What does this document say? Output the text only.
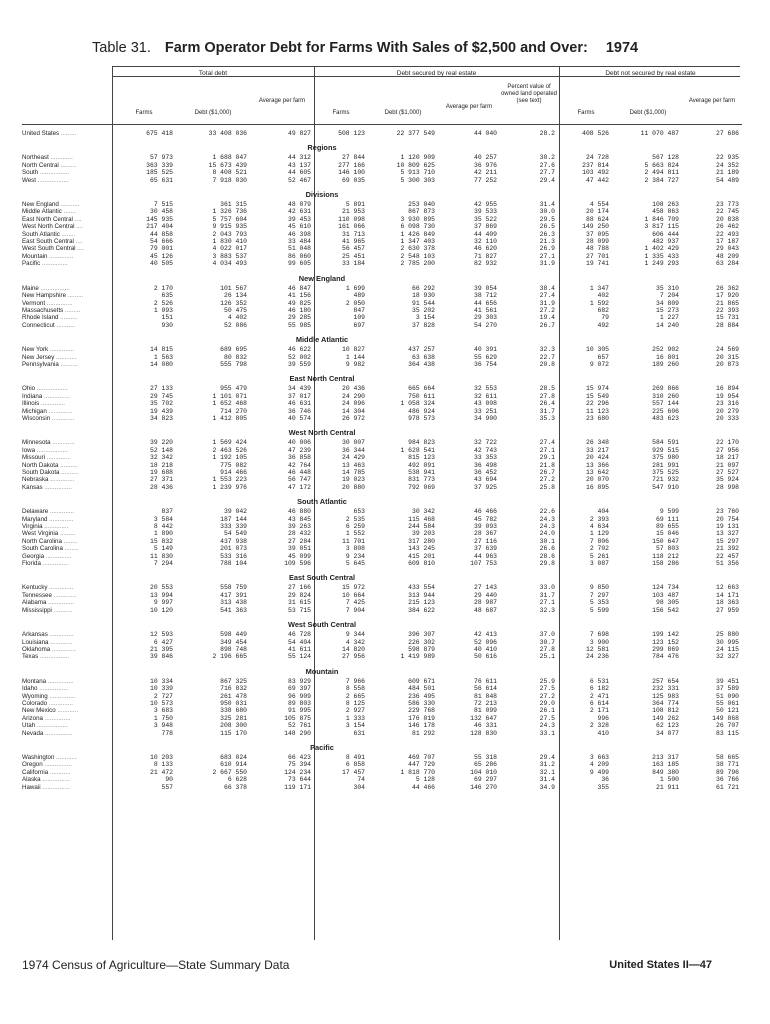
Table 31. Farm Operator Debt for Farms With Sales of $2,500 and Over: 1974
Total debt	Debt secured by real estate	Debt not secured by real estate
Farms	Debt ($1,000)
Average per farm
Farms	Debt ($1,000)
Average per farm
Percent value of owned land operated (see text)
Farms	Debt ($1,000)
Average per farm
United States .........	675 418	33 408 036	49 827	508 123	22 377 549	44 040	28.2	408 526	11 070 487	27 686

Regions										
Northeast .............	57 973	1 688 047	44 312	27 844	1 120 909	40 257	30.2	24 728	567 128	22 935
North Central .........	363 339	15 673 439	43 137	277 166	10 809 625	36 976	27.6	237 814	5 663 824	24 352
South .................	185 525	8 408 521	44 605	146 100	5 913 710	42 211	27.7	103 492	2 494 811	21 189
West ..................	65 631	7 918 030	52 467	69 035	5 300 303	77 252	29.4	47 442	2 384 727	54 489

Divisions										
New England ...........	7 515	361 315	48 079	5 891	253 040	42 955	31.4	4 554	108 263	23 773
Middle Atlantic .......	30 458	1 326 736	42 631	21 953	867 873	39 533	30.0	20 174	458 863	22 745
East North Central ....	145 935	5 757 604	39 453	110 098	3 930 895	35 522	29.5	88 624	1 846 709	20 838
West North Central ....	217 404	9 915 935	45 610	161 066	6 098 730	37 869	26.5	149 250	3 817 115	26 462
South Atlantic ........	44 858	2 043 793	46 398	31 713	1 426 849	44 409	26.3	37 095	606 444	22 493
East South Central ....	54 666	1 830 410	33 484	41 965	1 347 403	32 110	21.3	28 099	482 937	17 187
West South Central ....	79 001	4 022 017	51 048	56 457	2 630 378	46 620	26.9	48 788	1 402 429	29 043
Mountain ..............	45 126	3 883 537	86 060	25 451	2 548 103	71 827	27.1	27 701	1 335 433	48 209
Pacific ...............	40 505	4 034 493	99 605	33 184	2 785 200	82 932	31.9	19 741	1 249 293	63 284

New England										
Maine .................	2 170	101 567	46 847	1 699	66 292	39 054	38.4	1 347	35 310	26 362
New Hampshire .........	635	26 134	41 156	489	18 930	38 712	27.4	402	7 204	17 920
Vermont ...............	2 526	126 352	49 825	2 050	91 544	44 656	31.9	1 592	34 809	21 865
Massachusetts .........	1 093	50 475	46 180	847	35 202	41 561	27.2	682	15 273	22 393
Rhode Island ..........	151	4 402	29 285	109	3 154	29 303	19.4	79	1 227	15 731
Connecticut ...........	930	52 086	55 985	697	37 828	54 270	26.7	492	14 240	28 884

Middle Atlantic										
New York ..............	14 815	689 695	46 622	10 827	437 257	40 391	32.3	10 305	252 902	24 569
New Jersey ............	1 563	80 832	52 002	1 144	63 638	55 629	22.7	657	16 801	20 315
Pennsylvania ..........	14 080	555 798	39 559	9 982	364 438	36 754	20.8	9 072	189 260	20 873

East North Central										
Ohio ..................	27 133	955 479	34 439	20 436	665 664	32 553	28.5	15 974	269 866	16 894
Indiana ...............	29 745	1 101 071	37 017	24 290	750 611	32 611	27.8	15 549	310 260	19 954
Illinois ..............	35 702	1 652 468	46 631	24 096	1 058 324	43 008	26.4	22 296	557 144	23 316
Michigan ..............	19 439	714 270	36 746	14 304	486 924	33 251	31.7	11 123	225 606	20 279
Wisconsin .............	34 823	1 412 805	40 574	26 972	978 573	34 900	35.3	23 680	483 623	20 333

West North Central										
Minnesota .............	39 220	1 569 424	40 006	30 007	984 823	32 722	27.4	26 348	584 591	22 170
Iowa ..................	52 148	2 463 526	47 239	36 344	1 628 541	42 743	27.1	33 217	929 515	27 956
Missouri ..............	32 342	1 192 105	36 858	24 429	815 123	33 353	29.1	20 424	375 980	18 217
North Dakota ..........	18 218	775 082	42 764	13 463	492 091	36 498	21.8	13 366	281 991	21 097
South Dakota ..........	19 688	914 466	46 448	14 785	538 941	36 452	26.7	13 642	375 525	27 527
Nebraska ..............	27 371	1 553 223	56 747	19 023	831 773	43 694	27.2	20 070	721 932	35 924
Kansas ................	28 436	1 239 976	47 172	20 880	792 069	37 925	25.8	16 895	547 910	28 998

South Atlantic										
Delaware ..............	837	39 042	46 880	653	30 342	46 466	22.6	404	9 599	23 760
Maryland ..............	3 584	187 144	43 845	2 535	115 468	45 782	24.3	2 393	69 111	20 754
Virginia ..............	8 442	333 339	39 263	6 259	244 584	39 093	24.3	4 634	89 655	19 131
West Virginia .........	1 890	54 549	28 432	1 552	39 203	28 367	24.0	1 129	15 046	13 327
North Carolina ........	15 832	437 938	27 284	11 701	317 280	27 116	30.1	7 806	150 647	15 297
South Carolina ........	5 149	201 073	39 051	3 808	143 245	37 639	26.6	2 702	57 803	21 392
Georgia ...............	11 830	533 316	45 099	9 234	415 201	44 963	28.6	5 261	118 212	22 457
Florida ...............	7 294	788 104	109 596	5 645	609 810	107 753	29.8	3 087	158 286	51 356

East South Central										
Kentucky ..............	20 553	558 759	27 166	15 972	433 554	27 143	33.0	9 850	124 734	12 663
Tennessee .............	13 994	417 391	29 824	10 664	313 944	29 440	31.7	7 297	103 487	14 171
Alabama ...............	9 997	313 438	31 615	7 425	215 123	28 987	27.1	5 353	98 305	18 363
Mississippi ...........	10 120	541 363	53 715	7 904	384 622	48 687	32.3	5 599	156 542	27 959

West South Central										
Arkansas ..............	12 593	598 449	46 728	9 344	396 307	42 413	37.0	7 698	199 142	25 880
Louisiana .............	6 427	349 454	54 404	4 342	226 302	52 096	30.7	3 900	123 152	30 995
Oklahoma ..............	21 395	898 748	41 611	14 820	598 879	40 410	27.8	12 581	299 869	24 115
Texas .................	39 846	2 196 665	55 124	27 956	1 419 989	50 616	25.1	24 236	784 476	32 327

Mountain										
Montana ...............	10 334	867 325	83 929	7 966	609 671	76 611	25.9	6 531	257 654	39 451
Idaho .................	10 339	716 832	69 397	8 558	484 501	56 614	27.5	6 182	232 331	37 589
Wyoming ...............	2 727	261 478	96 909	2 665	236 495	81 848	27.2	2 471	125 983	51 090
Colorado ..............	10 573	950 031	89 803	8 125	586 330	72 213	29.0	6 614	364 774	55 061
New Mexico ............	3 683	338 680	91 995	2 927	229 768	81 099	26.1	2 171	108 812	50 121
Arizona ...............	1 750	325 281	105 875	1 333	176 019	132 647	27.5	996	149 262	149 868
Utah ..................	3 948	208 300	52 761	3 154	146 178	46 331	24.3	2 328	62 123	26 707
Nevada ................	778	115 170	148 290	631	81 292	128 830	33.1	410	34 077	83 115

Pacific										
Washington ............	10 203	683 024	66 423	8 491	469 707	55 318	29.4	3 663	213 317	58 665
Oregon ................	8 133	610 914	75 394	6 858	447 729	65 286	31.2	4 209	163 185	38 771
California ............	21 472	2 667 550	124 234	17 457	1 818 770	104 010	32.1	9 499	849 380	89 796
Alaska ................	90	6 628	73 644	74	5 128	69 297	31.4	36	1 500	36 766
Hawaii ................	557	66 378	119 171	304	44 466	146 270	34.9	355	21 911	61 721
1974 Census of Agriculture—State Summary Data	United States II—47
